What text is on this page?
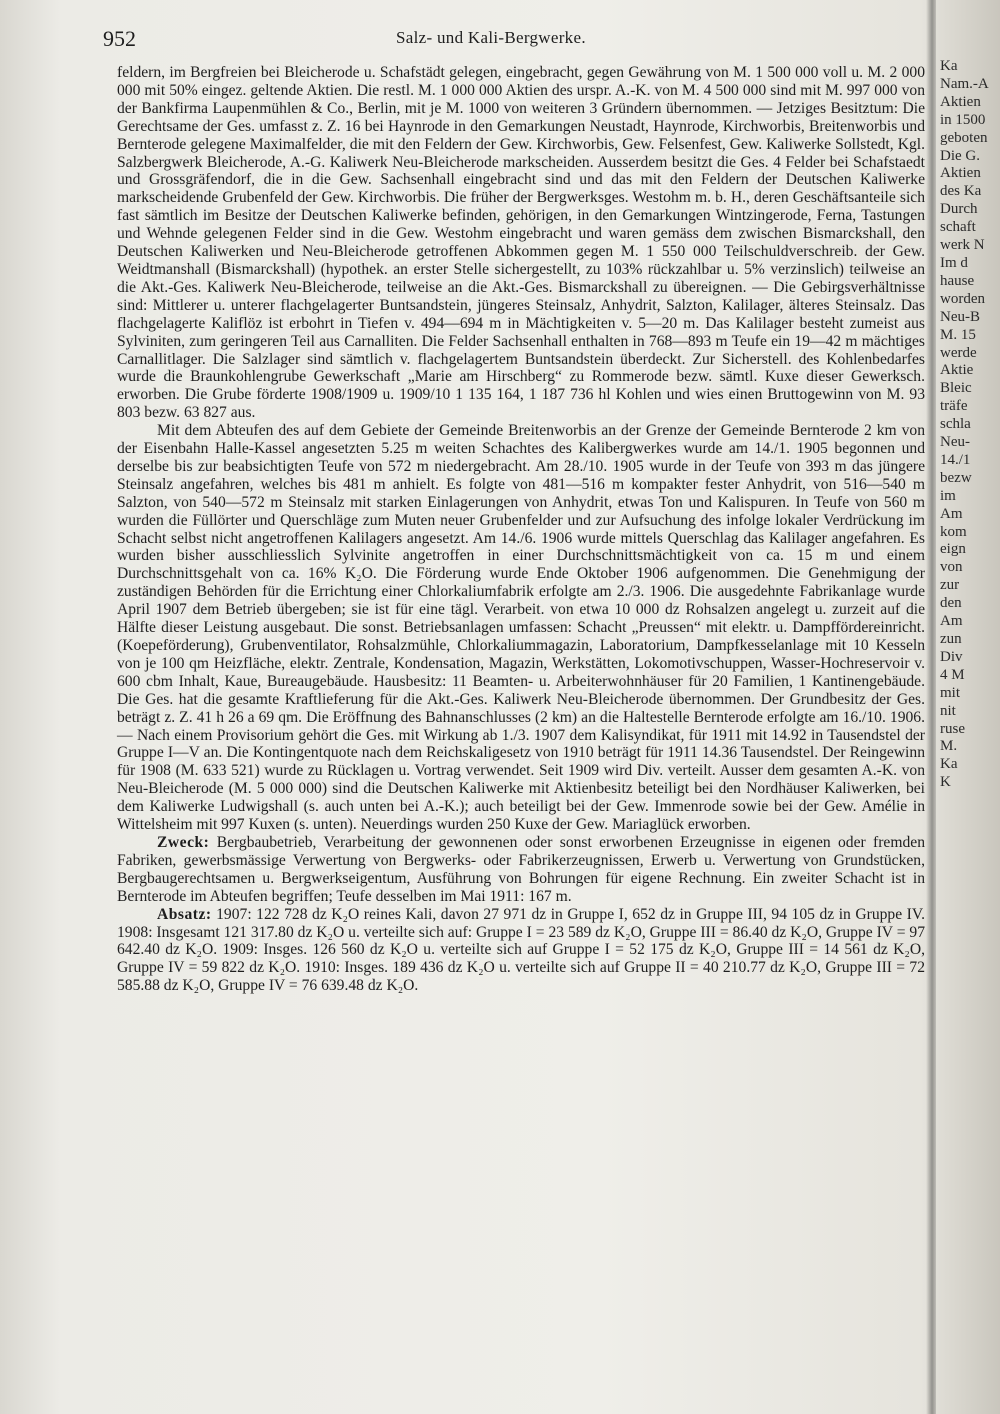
952	Salz- und Kali-Bergwerke.

feldern, im Bergfreien bei Bleicherode u. Schafstädt gelegen, eingebracht, gegen Gewährung von M. 1 500 000 voll u. M. 2 000 000 mit 50% eingez. geltende Aktien. Die restl. M. 1 000 000 Aktien des urspr. A.-K. von M. 4 500 000 sind mit M. 997 000 von der Bankfirma Laupenmühlen & Co., Berlin, mit je M. 1000 von weiteren 3 Gründern übernommen. — Jetziges Besitztum: Die Gerechtsame der Ges. umfasst z. Z. 16 bei Haynrode in den Gemarkungen Neustadt, Haynrode, Kirchworbis, Breitenworbis und Bernterode gelegene Maximalfelder, die mit den Feldern der Gew. Kirchworbis, Gew. Felsenfest, Gew. Kaliwerke Sollstedt, Kgl. Salzbergwerk Bleicherode, A.-G. Kaliwerk Neu-Bleicherode markscheiden. Ausserdem besitzt die Ges. 4 Felder bei Schafstaedt und Grossgräfendorf, die in die Gew. Sachsenhall eingebracht sind und das mit den Feldern der Deutschen Kaliwerke markscheidende Grubenfeld der Gew. Kirchworbis. Die früher der Bergwerksges. Westohm m. b. H., deren Geschäftsanteile sich fast sämtlich im Besitze der Deutschen Kaliwerke befinden, gehörigen, in den Gemarkungen Wintzingerode, Ferna, Tastungen und Wehnde gelegenen Felder sind in die Gew. Westohm eingebracht und waren gemäss dem zwischen Bismarckshall, den Deutschen Kaliwerken und Neu-Bleicherode getroffenen Abkommen gegen M. 1 550 000 Teilschuldverschreib. der Gew. Weidtmanshall (Bismarckshall) (hypothek. an erster Stelle sichergestellt, zu 103% rückzahlbar u. 5% verzinslich) teilweise an die Akt.-Ges. Kaliwerk Neu-Bleicherode, teilweise an die Akt.-Ges. Bismarckshall zu übereignen. — Die Gebirgsverhältnisse sind: Mittlerer u. unterer flachgelagerter Buntsandstein, jüngeres Steinsalz, Anhydrit, Salzton, Kalilager, älteres Steinsalz. Das flachgelagerte Kaliflöz ist erbohrt in Tiefen v. 494—694 m in Mächtigkeiten v. 5—20 m. Das Kalilager besteht zumeist aus Sylviniten, zum geringeren Teil aus Carnalliten. Die Felder Sachsenhall enthalten in 768—893 m Teufe ein 19—42 m mächtiges Carnallitlager. Die Salzlager sind sämtlich v. flachgelagertem Buntsandstein überdeckt. Zur Sicherstell. des Kohlenbedarfes wurde die Braunkohlengrube Gewerkschaft „Marie am Hirschberg“ zu Rommerode bezw. sämtl. Kuxe dieser Gewerksch. erworben. Die Grube förderte 1908/1909 u. 1909/10 1 135 164, 1 187 736 hl Kohlen und wies einen Bruttogewinn von M. 93 803 bezw. 63 827 aus.

Mit dem Abteufen des auf dem Gebiete der Gemeinde Breitenworbis an der Grenze der Gemeinde Bernterode 2 km von der Eisenbahn Halle-Kassel angesetzten 5.25 m weiten Schachtes des Kalibergwerkes wurde am 14./1. 1905 begonnen und derselbe bis zur beabsichtigten Teufe von 572 m niedergebracht. Am 28./10. 1905 wurde in der Teufe von 393 m das jüngere Steinsalz angefahren, welches bis 481 m anhielt. Es folgte von 481—516 m kompakter fester Anhydrit, von 516—540 m Salzton, von 540—572 m Steinsalz mit starken Einlagerungen von Anhydrit, etwas Ton und Kalispuren. In Teufe von 560 m wurden die Füllörter und Querschläge zum Muten neuer Grubenfelder und zur Aufsuchung des infolge lokaler Verdrückung im Schacht selbst nicht angetroffenen Kalilagers angesetzt. Am 14./6. 1906 wurde mittels Querschlag das Kalilager angefahren. Es wurden bisher ausschliesslich Sylvinite angetroffen in einer Durchschnittsmächtigkeit von ca. 15 m und einem Durchschnittsgehalt von ca. 16% K₂O. Die Förderung wurde Ende Oktober 1906 aufgenommen. Die Genehmigung der zuständigen Behörden für die Errichtung einer Chlorkaliumfabrik erfolgte am 2./3. 1906. Die ausgedehnte Fabrikanlage wurde April 1907 dem Betrieb übergeben; sie ist für eine tägl. Verarbeit. von etwa 10 000 dz Rohsalzen angelegt u. zurzeit auf die Hälfte dieser Leistung ausgebaut. Die sonst. Betriebsanlagen umfassen: Schacht „Preussen“ mit elektr. u. Dampffördereinricht. (Koepeförderung), Grubenventilator, Rohsalzmühle, Chlorkaliummagazin, Laboratorium, Dampfkesselanlage mit 10 Kesseln von je 100 qm Heizfläche, elektr. Zentrale, Kondensation, Magazin, Werkstätten, Lokomotivschuppen, Wasser-Hochreservoir v. 600 cbm Inhalt, Kaue, Bureaugebäude. Hausbesitz: 11 Beamten- u. Arbeiterwohnhäuser für 20 Familien, 1 Kantinengebäude. Die Ges. hat die gesamte Kraftlieferung für die Akt.-Ges. Kaliwerk Neu-Bleicherode übernommen. Der Grundbesitz der Ges. beträgt z. Z. 41 h 26 a 69 qm. Die Eröffnung des Bahnanschlusses (2 km) an die Haltestelle Bernterode erfolgte am 16./10. 1906. — Nach einem Provisorium gehört die Ges. mit Wirkung ab 1./3. 1907 dem Kalisyndikat, für 1911 mit 14.92 in Tausendstel der Gruppe I—V an. Die Kontingentquote nach dem Reichskaligesetz von 1910 beträgt für 1911 14.36 Tausendstel. Der Reingewinn für 1908 (M. 633 521) wurde zu Rücklagen u. Vortrag verwendet. Seit 1909 wird Div. verteilt. Ausser dem gesamten A.-K. von Neu-Bleicherode (M. 5 000 000) sind die Deutschen Kaliwerke mit Aktienbesitz beteiligt bei den Nordhäuser Kaliwerken, bei dem Kaliwerke Ludwigshall (s. auch unten bei A.-K.); auch beteiligt bei der Gew. Immenrode sowie bei der Gew. Amélie in Wittelsheim mit 997 Kuxen (s. unten). Neuerdings wurden 250 Kuxe der Gew. Mariaglück erworben.

Zweck: Bergbaubetrieb, Verarbeitung der gewonnenen oder sonst erworbenen Erzeugnisse in eigenen oder fremden Fabriken, gewerbsmässige Verwertung von Bergwerks- oder Fabrikerzeugnissen, Erwerb u. Verwertung von Grundstücken, Bergbaugerechtsamen u. Bergwerkseigentum, Ausführung von Bohrungen für eigene Rechnung. Ein zweiter Schacht ist in Bernterode im Abteufen begriffen; Teufe desselben im Mai 1911: 167 m.

Absatz: 1907: 122 728 dz K₂O reines Kali, davon 27 971 dz in Gruppe I, 652 dz in Gruppe III, 94 105 dz in Gruppe IV. 1908: Insgesamt 121 317.80 dz K₂O u. verteilte sich auf: Gruppe I = 23 589 dz K₂O, Gruppe III = 86.40 dz K₂O, Gruppe IV = 97 642.40 dz K₂O. 1909: Insges. 126 560 dz K₂O u. verteilte sich auf Gruppe I = 52 175 dz K₂O, Gruppe III = 14 561 dz K₂O, Gruppe IV = 59 822 dz K₂O. 1910: Insges. 189 436 dz K₂O u. verteilte sich auf Gruppe II = 40 210.77 dz K₂O, Gruppe III = 72 585.88 dz K₂O, Gruppe IV = 76 639.48 dz K₂O.

Ka
Nam.-A
Aktien
in 1500
geboten
Die G.
Aktien
des Ka
Durch
schaft
werk N
Im d
hause
worden
Neu-B
M. 15
werde
Aktie
Bleic
träfe
schla
Neu-
14./1
bezw
im
Am
kom
eign
von
zur
den
Am
zun
Div
4 M
mit
nit
ruse
M.
Ka
K
